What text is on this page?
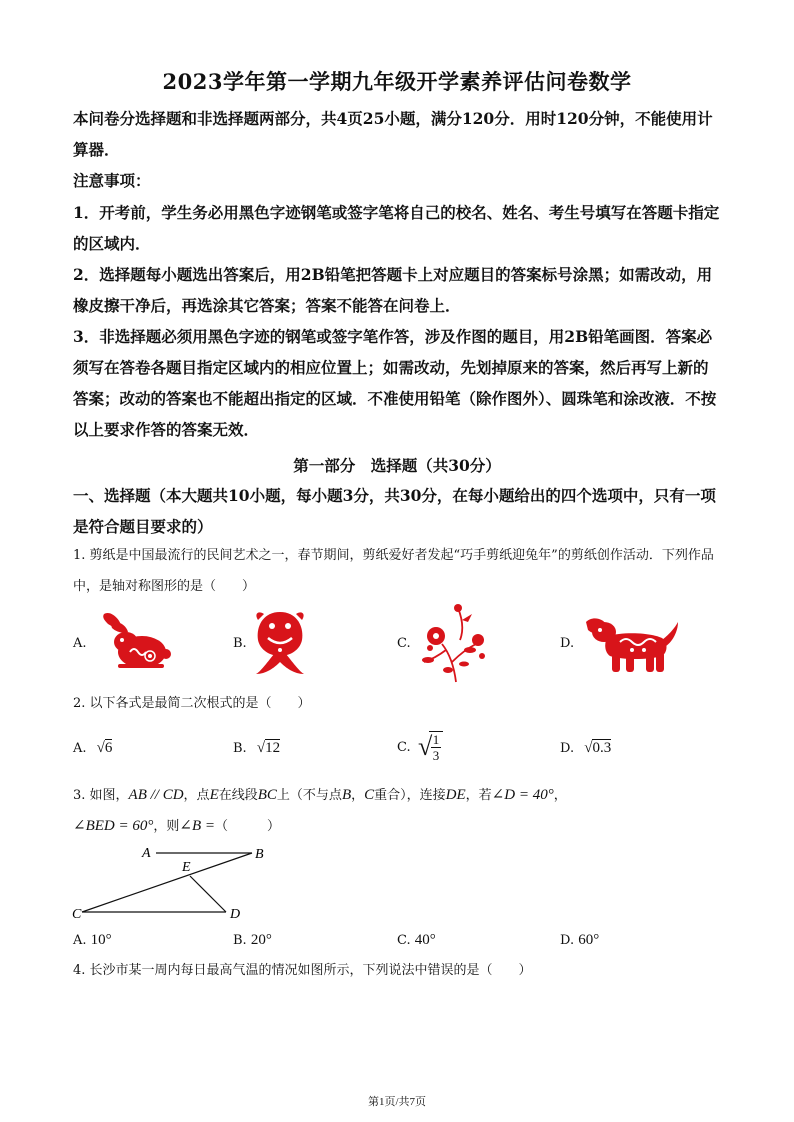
2023学年第一学期九年级开学素养评估问卷数学
本问卷分选择题和非选择题两部分，共4页25小题，满分120分．用时120分钟，不能使用计算器．
注意事项：
1．开考前，学生务必用黑色字迹钢笔或签字笔将自己的校名、姓名、考生号填写在答题卡指定的区域内．
2．选择题每小题选出答案后，用2B铅笔把答题卡上对应题目的答案标号涂黑；如需改动，用橡皮擦干净后，再选涂其它答案；答案不能答在问卷上．
3．非选择题必须用黑色字迹的钢笔或签字笔作答，涉及作图的题目，用2B铅笔画图．答案必须写在答卷各题目指定区域内的相应位置上；如需改动，先划掉原来的答案，然后再写上新的答案；改动的答案也不能超出指定的区域．不准使用铅笔（除作图外）、圆珠笔和涂改液．不按以上要求作答的答案无效．
第一部分　选择题（共30分）
一、选择题（本大题共10小题，每小题3分，共30分，在每小题给出的四个选项中，只有一项是符合题目要求的）
1. 剪纸是中国最流行的民间艺术之一，春节期间，剪纸爱好者发起“巧手剪纸迎兔年”的剪纸创作活动．下列作品中，是轴对称图形的是（　　）
A.	B.	C.	D.
2. 以下各式是最简二次根式的是（　　）
A. √6	B. √12	C. √ 1
3	D. √0.3
3. 如图，AB // CD，点E在线段BC上（不与点B，C重合），连接DE，若∠D = 40°，
∠BED = 60°，则∠B =（　　　）
A	B
C	D
E
A. 10°	B. 20°	C. 40°	D. 60°
4. 长沙市某一周内每日最高气温的情况如图所示，下列说法中错误的是（　　）
第1页/共7页
